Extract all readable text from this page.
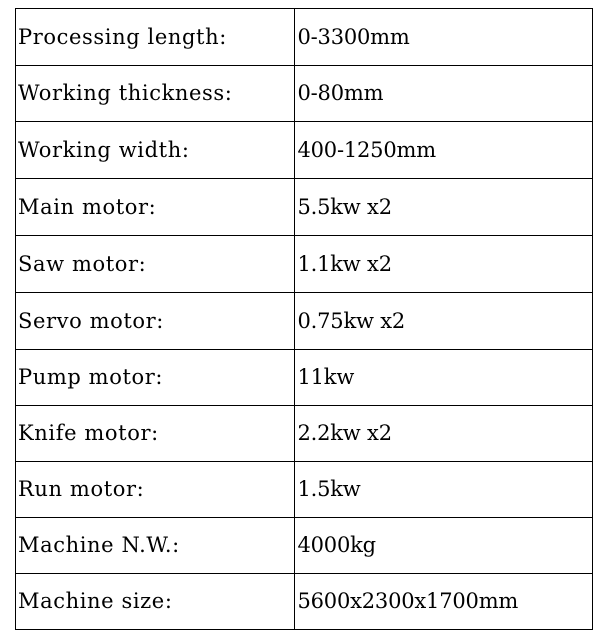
Processing length:	0-3300mm
Working thickness:	0-80mm
Working width:	400-1250mm
Main motor:	5.5kw x2
Saw motor:	1.1kw x2
Servo motor:	0.75kw x2
Pump motor:	11kw
Knife motor:	2.2kw x2
Run motor:	1.5kw
Machine N.W.:	4000kg
Machine size:	5600x2300x1700mm
